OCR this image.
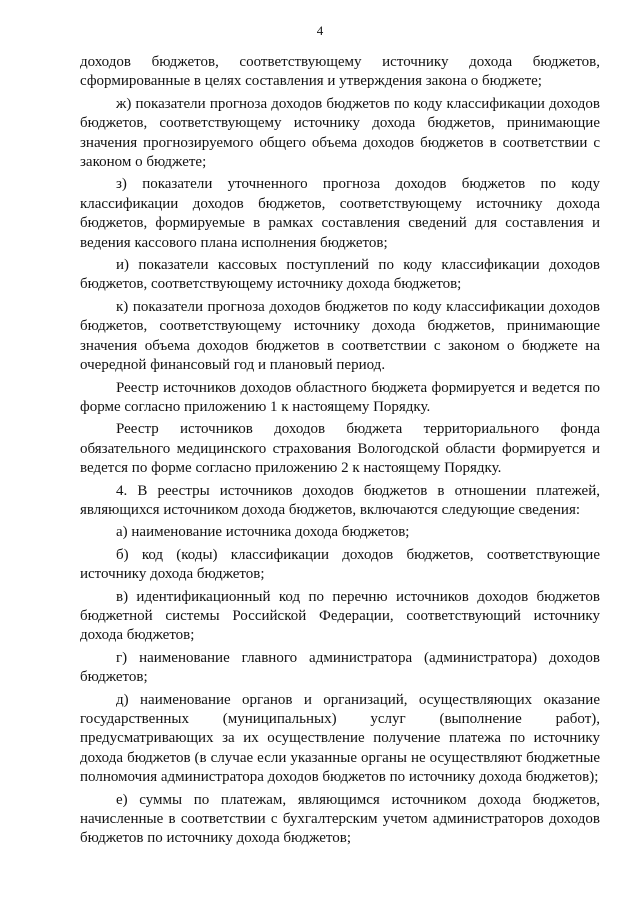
4

доходов бюджетов, соответствующему источнику дохода бюджетов, сформированные в целях составления и утверждения закона о бюджете;

ж) показатели прогноза доходов бюджетов по коду классификации доходов бюджетов, соответствующему источнику дохода бюджетов, принимающие значения прогнозируемого общего объема доходов бюджетов в соответствии с законом о бюджете;

з) показатели уточненного прогноза доходов бюджетов по коду классификации доходов бюджетов, соответствующему источнику дохода бюджетов, формируемые в рамках составления сведений для составления и ведения кассового плана исполнения бюджетов;

и) показатели кассовых поступлений по коду классификации доходов бюджетов, соответствующему источнику дохода бюджетов;

к) показатели прогноза доходов бюджетов по коду классификации доходов бюджетов, соответствующему источнику дохода бюджетов, принимающие значения объема доходов бюджетов в соответствии с законом о бюджете на очередной финансовый год и плановый период.

Реестр источников доходов областного бюджета формируется и ведется по форме согласно приложению 1 к настоящему Порядку.

Реестр источников доходов бюджета территориального фонда обязательного медицинского страхования Вологодской области формируется и ведется по форме согласно приложению 2 к настоящему Порядку.

4. В реестры источников доходов бюджетов в отношении платежей, являющихся источником дохода бюджетов, включаются следующие сведения:

а) наименование источника дохода бюджетов;

б) код (коды) классификации доходов бюджетов, соответствующие источнику дохода бюджетов;

в) идентификационный код по перечню источников доходов бюджетов бюджетной системы Российской Федерации, соответствующий источнику дохода бюджетов;

г) наименование главного администратора (администратора) доходов бюджетов;

д) наименование органов и организаций, осуществляющих оказание государственных (муниципальных) услуг (выполнение работ), предусматривающих за их осуществление получение платежа по источнику дохода бюджетов (в случае если указанные органы не осуществляют бюджетные полномочия администратора доходов бюджетов по источнику дохода бюджетов);

е) суммы по платежам, являющимся источником дохода бюджетов, начисленные в соответствии с бухгалтерским учетом администраторов доходов бюджетов по источнику дохода бюджетов;
